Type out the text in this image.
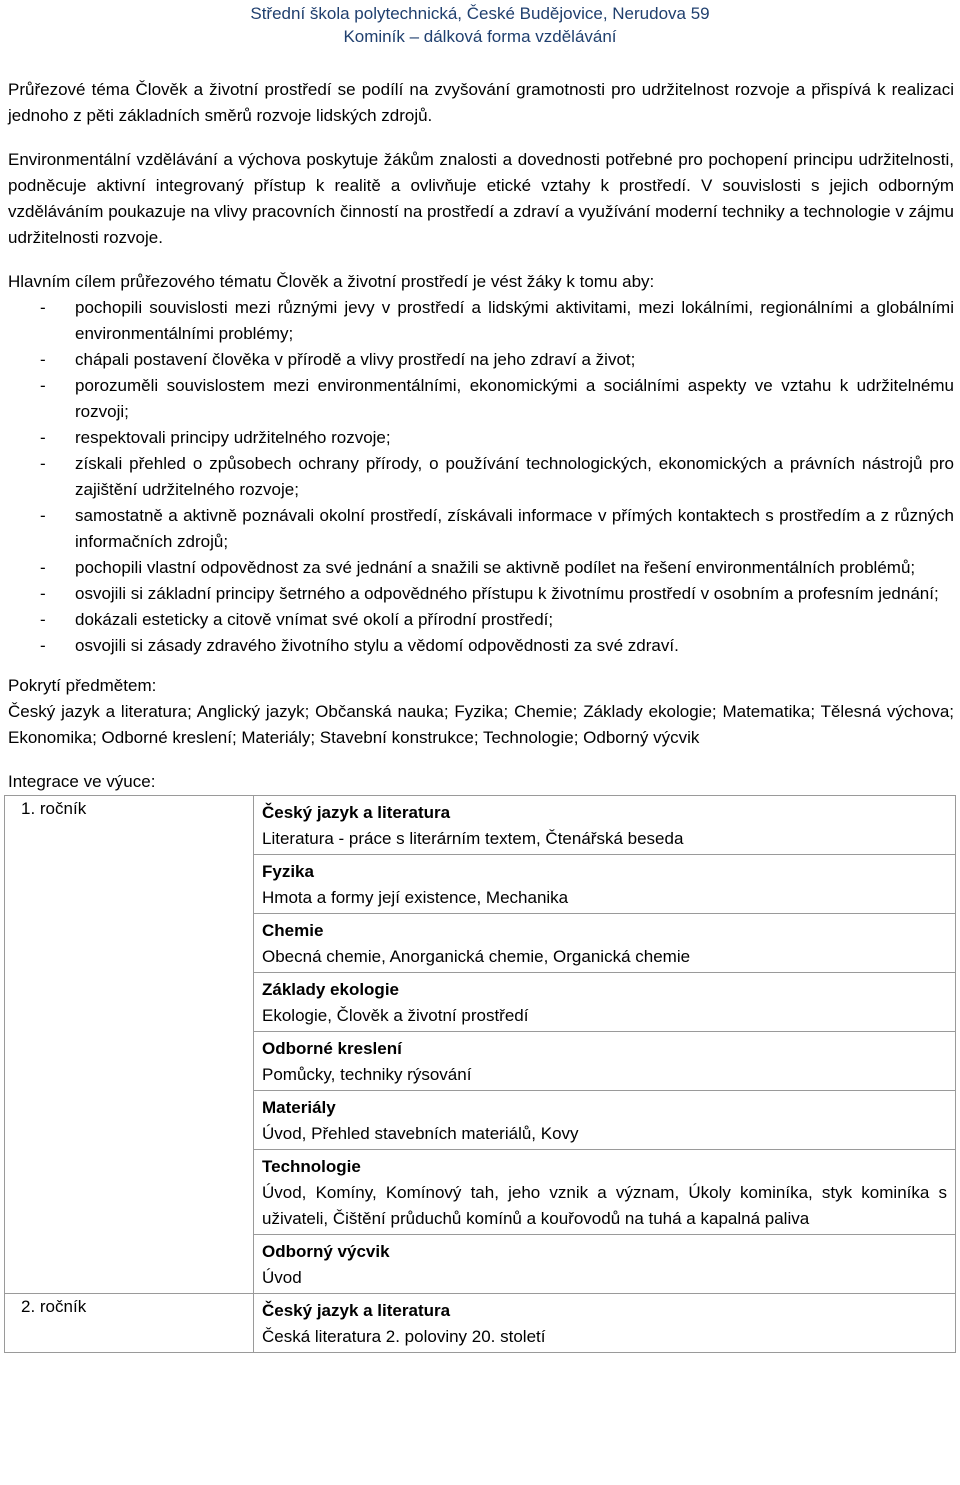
Střední škola polytechnická, České Budějovice, Nerudova 59
Kominík – dálková forma vzdělávání

Průřezové téma Člověk a životní prostředí se podílí na zvyšování gramotnosti pro udržitelnost rozvoje a přispívá k realizaci jednoho z pěti základních směrů rozvoje lidských zdrojů.

Environmentální vzdělávání a výchova poskytuje žákům znalosti a dovednosti potřebné pro pochopení principu udržitelnosti, podněcuje aktivní integrovaný přístup k realitě a ovlivňuje etické vztahy k prostředí. V souvislosti s jejich odborným vzděláváním poukazuje na vlivy pracovních činností na prostředí a zdraví a využívání moderní techniky a technologie v zájmu udržitelnosti rozvoje.

Hlavním cílem průřezového tématu Člověk a životní prostředí je vést žáky k tomu aby:

- pochopili souvislosti mezi různými jevy v prostředí a lidskými aktivitami, mezi lokálními, regionálními a globálními environmentálními problémy;
- chápali postavení člověka v přírodě a vlivy prostředí na jeho zdraví a život;
- porozuměli souvislostem mezi environmentálními, ekonomickými a sociálními aspekty ve vztahu k udržitelnému rozvoji;
- respektovali principy udržitelného rozvoje;
- získali přehled o způsobech ochrany přírody, o používání technologických, ekonomických a právních nástrojů pro zajištění udržitelného rozvoje;
- samostatně a aktivně poznávali okolní prostředí, získávali informace v přímých kontaktech s prostředím a z různých informačních zdrojů;
- pochopili vlastní odpovědnost za své jednání a snažili se aktivně podílet na řešení environmentálních problémů;
- osvojili si základní principy šetrného a odpovědného přístupu k životnímu prostředí v osobním a profesním jednání;
- dokázali esteticky a citově vnímat své okolí a přírodní prostředí;
- osvojili si zásady zdravého životního stylu a vědomí odpovědnosti za své zdraví.

Pokrytí předmětem:

Český jazyk a literatura; Anglický jazyk; Občanská nauka; Fyzika; Chemie; Základy ekologie; Matematika; Tělesná výchova; Ekonomika; Odborné kreslení; Materiály; Stavební konstrukce; Technologie; Odborný výcvik

Integrace ve výuce:

1. ročník	Český jazyk a literatura
Literatura - práce s literárním textem, Čtenářská beseda

	Fyzika
Hmota a formy její existence, Mechanika

	Chemie
Obecná chemie, Anorganická chemie, Organická chemie

	Základy ekologie
Ekologie, Člověk a životní prostředí

	Odborné kreslení
Pomůcky, techniky rýsování

	Materiály
Úvod, Přehled stavebních materiálů, Kovy

	Technologie
Úvod, Komíny, Komínový tah, jeho vznik a význam, Úkoly kominíka, styk kominíka s uživateli, Čištění průduchů komínů a kouřovodů na tuhá a kapalná paliva

	Odborný výcvik
Úvod

2. ročník	Český jazyk a literatura
Česká literatura 2. poloviny 20. století
